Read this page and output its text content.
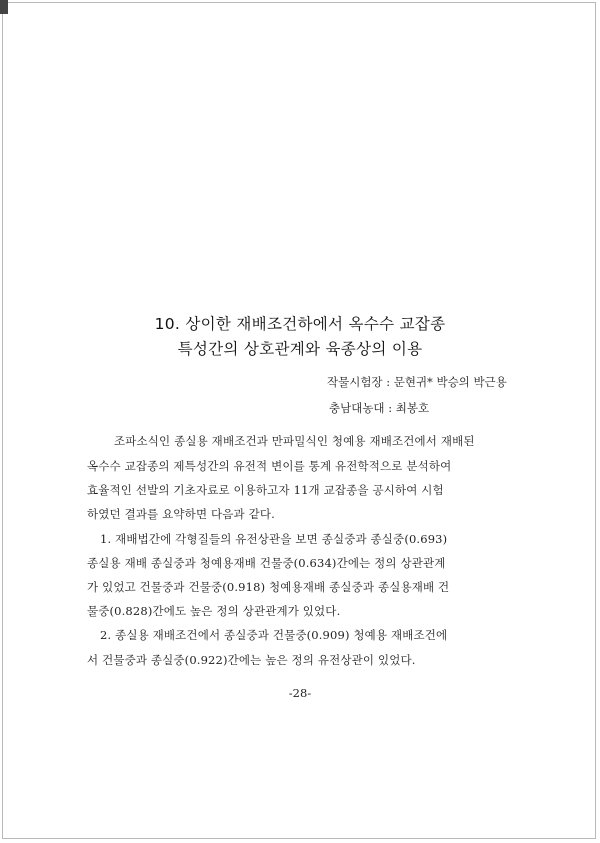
10. 상이한 재배조건하에서 옥수수 교잡종
특성간의 상호관계와 육종상의 이용
작물시험장 : 문현귀* 박승의 박근용
충남대농대 : 최봉호
조파소식인 종실용 재배조건과 만파밀식인 청예용 재배조건에서 재배된
옥수수 교잡종의 제특성간의 유전적 변이를 통계 유전학적으로 분석하여
효율적인 선발의 기초자료로 이용하고자 11개 교잡종을 공시하여 시험
하였던 결과를 요약하면 다음과 같다.
1. 재배법간에 각형질들의 유전상관을 보면 종실중과 종실중(0.693)
종실용 재배 종실중과 청예용재배 건물중(0.634)간에는 정의 상관관계
가 있었고 건물중과 건물중(0.918) 청예용재배 종실중과 종실용재배 건
물중(0.828)간에도 높은 정의 상관관계가 있었다.
2. 종실용 재배조건에서 종실중과 건물중(0.909) 청예용 재배조건에
서 건물중과 종실중(0.922)간에는 높은 정의 유전상관이 있었다.
-28-
